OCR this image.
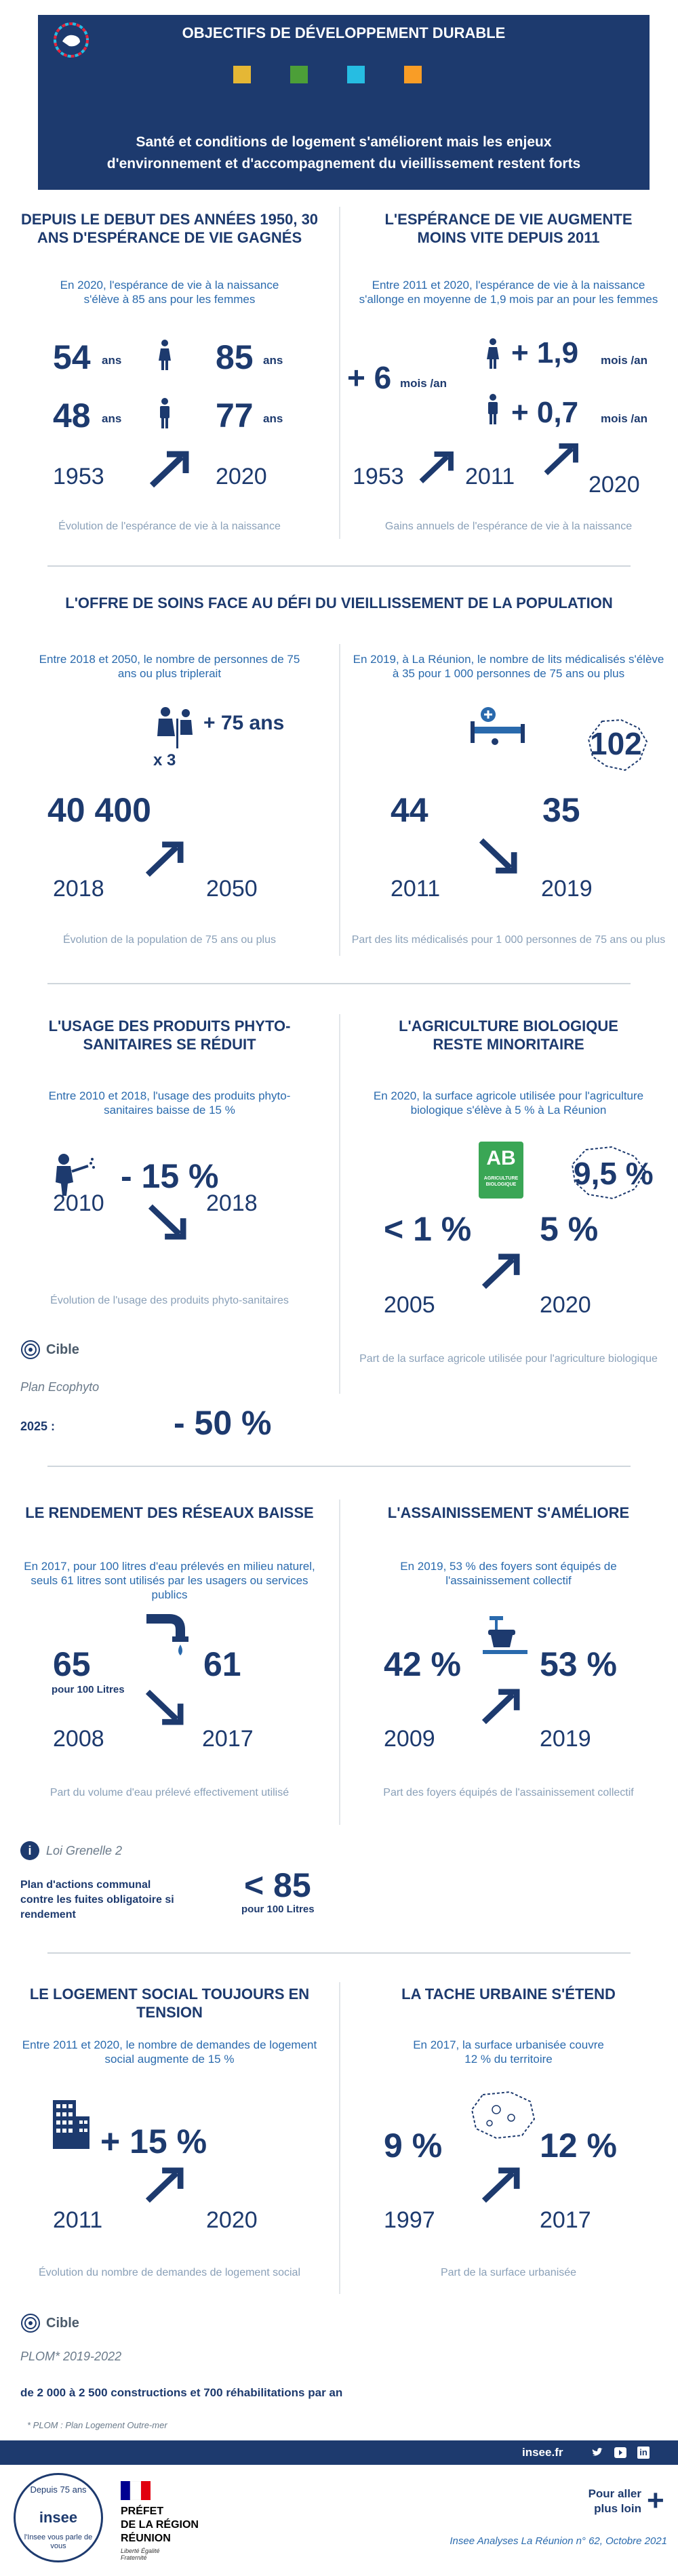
OBJECTIFS DE DÉVELOPPEMENT DURABLE
Santé et conditions de logement s'améliorent mais les enjeux d'environnement et d'accompagnement du vieillissement restent forts
DEPUIS LE DEBUT DES ANNÉES 1950, 30 ANS D'ESPÉRANCE DE VIE GAGNÉS
En 2020, l'espérance de vie à la naissance s'élève à 85 ans pour les femmes
54 ans	85 ans
48 ans	77 ans
1953	2020
Évolution de l'espérance de vie à la naissance
L'ESPÉRANCE DE VIE AUGMENTE MOINS VITE DEPUIS 2011
Entre 2011 et 2020, l'espérance de vie à la naissance s'allonge en moyenne de 1,9 mois par an pour les femmes
+ 6 mois /an
+ 1,9 mois /an
+ 0,7 mois /an
1953	2011	2020
Gains annuels de l'espérance de vie à la naissance
L'OFFRE DE SOINS FACE AU DÉFI DU VIEILLISSEMENT DE LA POPULATION
Entre 2018 et 2050, le nombre de personnes de 75 ans ou plus triplerait
+ 75 ans
x 3
40 400
2018	2050
Évolution de la population de 75 ans ou plus
En 2019, à La Réunion, le nombre de lits médicalisés s'élève à 35 pour 1 000 personnes de 75 ans ou plus
102
44	35
2011	2019
Part des lits médicalisés pour 1 000 personnes de 75 ans ou plus
L'USAGE DES PRODUITS PHYTO-SANITAIRES SE RÉDUIT
Entre 2010 et 2018, l'usage des produits phyto-sanitaires baisse de 15 %
- 15 %
2010	2018
Évolution de l'usage des produits phyto-sanitaires
Cible
Plan Ecophyto
2025 :	- 50 %
L'AGRICULTURE BIOLOGIQUE RESTE MINORITAIRE
En 2020, la surface agricole utilisée pour l'agriculture biologique s'élève à 5 % à La Réunion
AB
AGRICULTURE BIOLOGIQUE 9,5 %
< 1 % 5 %
2005	2020
Part de la surface agricole utilisée pour l'agriculture biologique
LE RENDEMENT DES RÉSEAUX BAISSE
En 2017, pour 100 litres d'eau prélevés en milieu naturel, seuls 61 litres sont utilisés par les usagers ou services publics
65
pour 100 Litres
61
2008	2017
Part du volume d'eau prélevé effectivement utilisé
i	Loi Grenelle 2
Plan d'actions communal contre les fuites obligatoire si rendement
< 85
pour 100 Litres
L'ASSAINISSEMENT S'AMÉLIORE
En 2019, 53 % des foyers sont équipés de l'assainissement collectif
42 % 53 %
2009	2019
Part des foyers équipés de l'assainissement collectif
LE LOGEMENT SOCIAL TOUJOURS EN TENSION
Entre 2011 et 2020, le nombre de demandes de logement social augmente de 15 %
+ 15 %
2011	2020
Évolution du nombre de demandes de logement social
Cible
PLOM* 2019-2022
de 2 000 à 2 500 constructions et 700 réhabilitations par an
* PLOM : Plan Logement Outre-mer
LA TACHE URBAINE S'ÉTEND
En 2017, la surface urbanisée couvre 12 % du territoire
9 %	12 %
1997	2017
Part de la surface urbanisée
insee.fr	in
Depuis 75 ans
insee
l'Insee vous parle de vous
PRÉFET
DE LA RÉGION
RÉUNION
Liberté Égalité Fraternité
Pour aller plus loin +
Insee Analyses La Réunion n° 62, Octobre 2021
